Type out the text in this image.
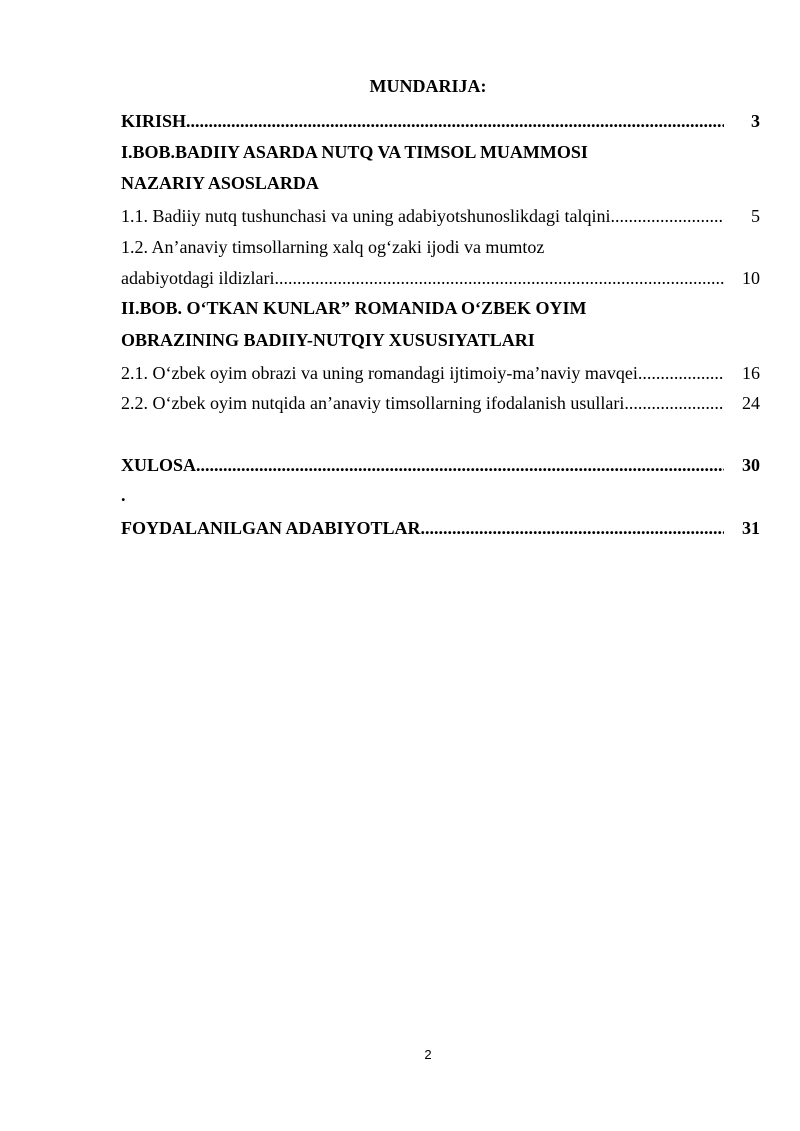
MUNDARIJA:
KIRISH .....	3
I.BOB.BADIIY ASARDA NUTQ VA TIMSOL MUAMMOSI
NAZARIY ASOSLARDA
1.1. Badiiy nutq tushunchasi va uning adabiyotshunoslikdagi talqini .....	5
1.2. An’anaviy timsollarning xalq og‘zaki ijodi va mumtoz
adabiyotdagi ildizlari .....	10
II.BOB. O‘TKAN KUNLAR” ROMANIDA O‘ZBEK OYIM
OBRAZINING BADIIY-NUTQIY XUSUSIYATLARI
2.1. O‘zbek oyim obrazi va uning romandagi ijtimoiy-ma’naviy mavqei .....	16
2.2. O‘zbek oyim nutqida an’anaviy timsollarning ifodalanish usullari .....	24
XULOSA .....	30
.
FOYDALANILGAN ADABIYOTLAR .....	31
2
